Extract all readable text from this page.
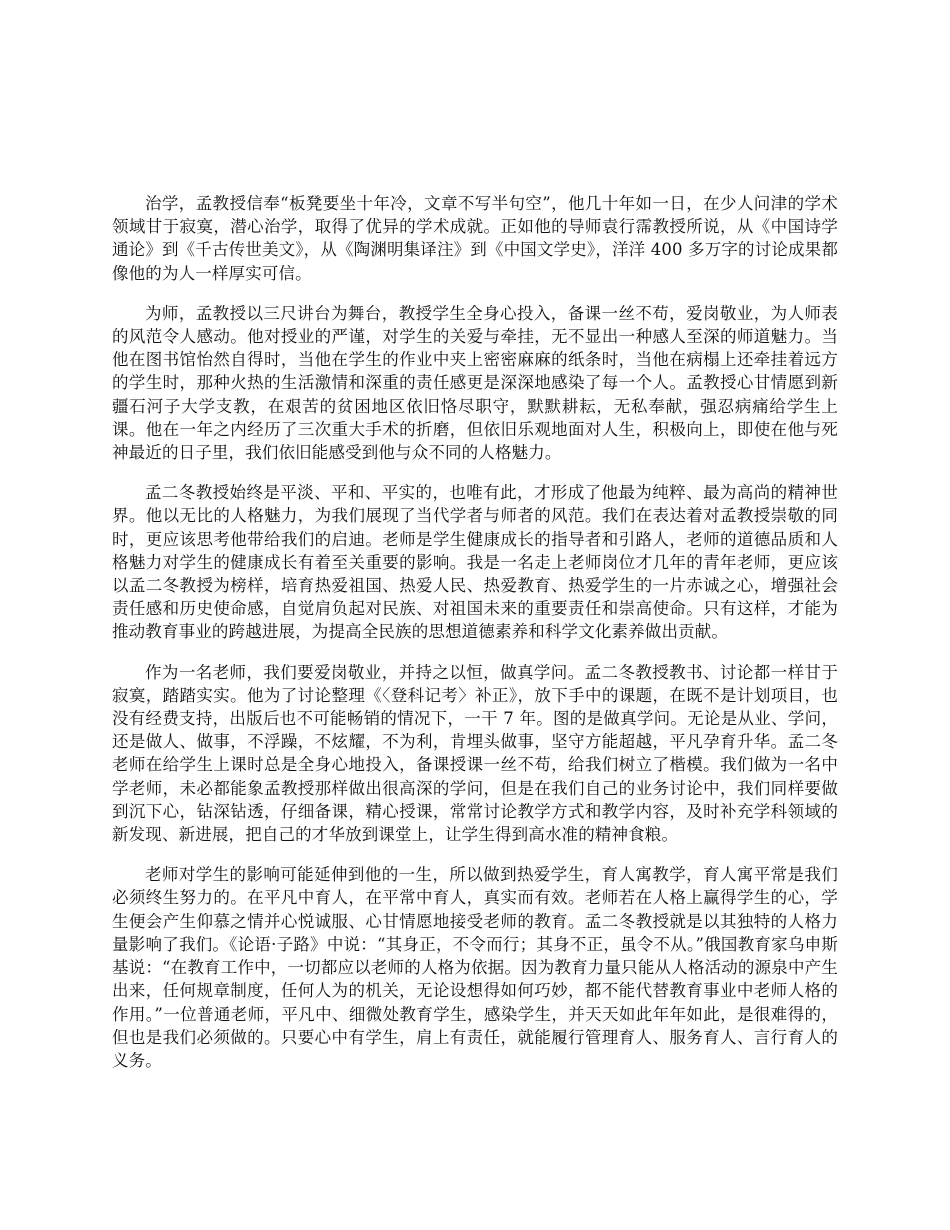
治学，孟教授信奉“板凳要坐十年冷，文章不写半句空”，他几十年如一日，在少人问津的学术领域甘于寂寞，潜心治学，取得了优异的学术成就。正如他的导师袁行霈教授所说，从《中国诗学通论》到《千古传世美文》，从《陶渊明集译注》到《中国文学史》，洋洋 400 多万字的讨论成果都像他的为人一样厚实可信。

为师，孟教授以三尺讲台为舞台，教授学生全身心投入，备课一丝不苟，爱岗敬业，为人师表的风范令人感动。他对授业的严谨，对学生的关爱与牵挂，无不显出一种感人至深的师道魅力。当他在图书馆怡然自得时，当他在学生的作业中夹上密密麻麻的纸条时，当他在病榻上还牵挂着远方的学生时，那种火热的生活激情和深重的责任感更是深深地感染了每一个人。孟教授心甘情愿到新疆石河子大学支教，在艰苦的贫困地区依旧恪尽职守，默默耕耘，无私奉献，强忍病痛给学生上课。他在一年之内经历了三次重大手术的折磨，但依旧乐观地面对人生，积极向上，即使在他与死神最近的日子里，我们依旧能感受到他与众不同的人格魅力。

孟二冬教授始终是平淡、平和、平实的，也唯有此，才形成了他最为纯粹、最为高尚的精神世界。他以无比的人格魅力，为我们展现了当代学者与师者的风范。我们在表达着对孟教授崇敬的同时，更应该思考他带给我们的启迪。老师是学生健康成长的指导者和引路人，老师的道德品质和人格魅力对学生的健康成长有着至关重要的影响。我是一名走上老师岗位才几年的青年老师，更应该以孟二冬教授为榜样，培育热爱祖国、热爱人民、热爱教育、热爱学生的一片赤诚之心，增强社会责任感和历史使命感，自觉肩负起对民族、对祖国未来的重要责任和崇高使命。只有这样，才能为推动教育事业的跨越进展，为提高全民族的思想道德素养和科学文化素养做出贡献。

作为一名老师，我们要爱岗敬业，并持之以恒，做真学问。孟二冬教授教书、讨论都一样甘于寂寞，踏踏实实。他为了讨论整理《〈登科记考〉补正》，放下手中的课题，在既不是计划项目，也没有经费支持，出版后也不可能畅销的情况下，一干 7 年。图的是做真学问。无论是从业、学问，还是做人、做事，不浮躁，不炫耀，不为利，肯埋头做事，坚守方能超越，平凡孕育升华。孟二冬老师在给学生上课时总是全身心地投入，备课授课一丝不苟，给我们树立了楷模。我们做为一名中学老师，未必都能象孟教授那样做出很高深的学问，但是在我们自己的业务讨论中，我们同样要做到沉下心，钻深钻透，仔细备课，精心授课，常常讨论教学方式和教学内容，及时补充学科领域的新发现、新进展，把自己的才华放到课堂上，让学生得到高水准的精神食粮。

老师对学生的影响可能延伸到他的一生，所以做到热爱学生，育人寓教学，育人寓平常是我们必须终生努力的。在平凡中育人，在平常中育人，真实而有效。老师若在人格上赢得学生的心，学生便会产生仰慕之情并心悦诚服、心甘情愿地接受老师的教育。孟二冬教授就是以其独特的人格力量影响了我们。《论语·子路》中说：“其身正，不令而行；其身不正，虽令不从。”俄国教育家乌申斯基说：“在教育工作中，一切都应以老师的人格为依据。因为教育力量只能从人格活动的源泉中产生出来，任何规章制度，任何人为的机关，无论设想得如何巧妙，都不能代替教育事业中老师人格的作用。”一位普通老师，平凡中、细微处教育学生，感染学生，并天天如此年年如此，是很难得的，但也是我们必须做的。只要心中有学生，肩上有责任，就能履行管理育人、服务育人、言行育人的义务。
